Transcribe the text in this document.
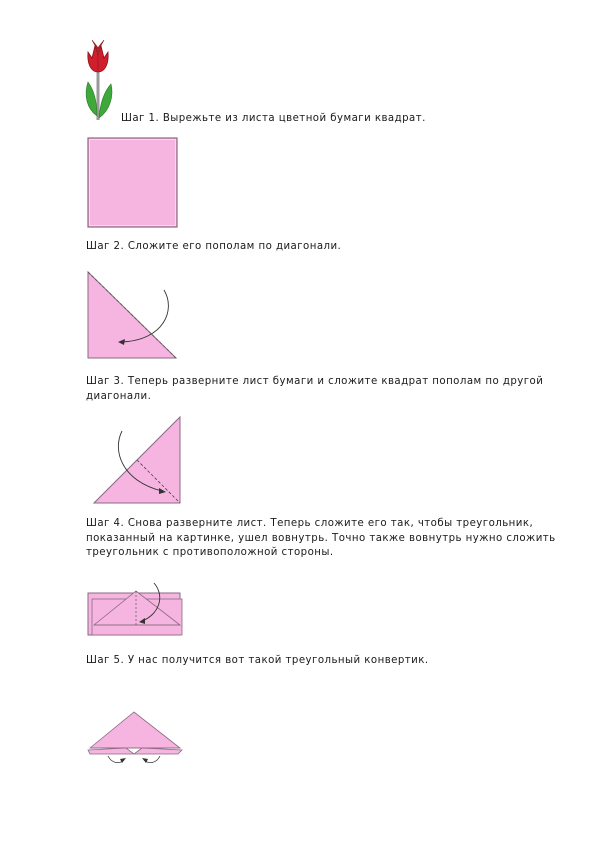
Шаг 1. Вырежьте из листа цветной бумаги квадрат.
Шаг 2. Сложите его пополам по диагонали.
Шаг 3. Теперь разверните лист бумаги и сложите квадрат пополам по другой диагонали.
Шаг 4. Снова разверните лист. Теперь сложите его так, чтобы треугольник, показанный на картинке, ушел вовнутрь. Точно также вовнутрь нужно сложить треугольник с противоположной стороны.
Шаг 5. У нас получится вот такой треугольный конвертик.
